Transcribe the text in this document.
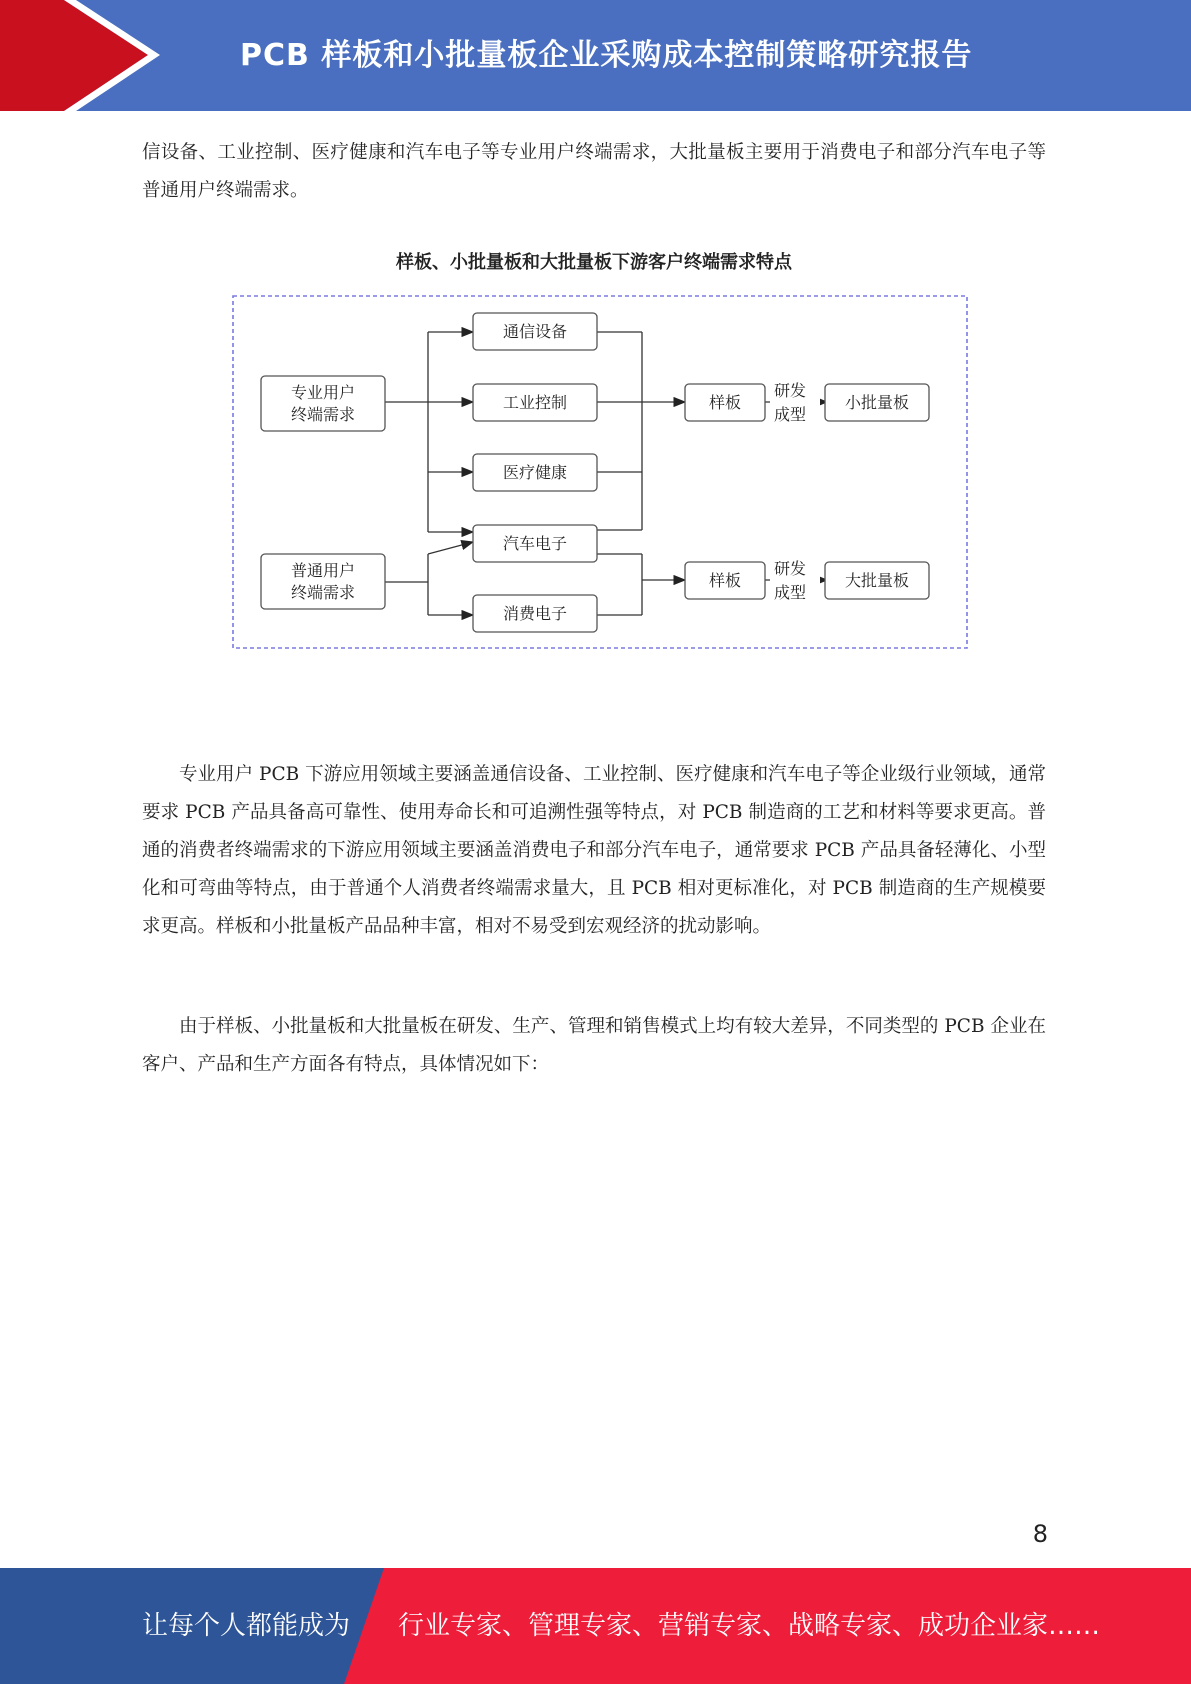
PCB 样板和小批量板企业采购成本控制策略研究报告
信设备、工业控制、医疗健康和汽车电子等专业用户终端需求，大批量板主要用于消费电子和部分汽车电子等普通用户终端需求。
样板、小批量板和大批量板下游客户终端需求特点
专业用户
终端需求
普通用户
终端需求
通信设备
工业控制
医疗健康
汽车电子
消费电子
样板
样板
研发
成型
研发
成型
小批量板
大批量板
专业用户 PCB 下游应用领域主要涵盖通信设备、工业控制、医疗健康和汽车电子等企业级行业领域，通常要求 PCB 产品具备高可靠性、使用寿命长和可追溯性强等特点，对 PCB 制造商的工艺和材料等要求更高。普通的消费者终端需求的下游应用领域主要涵盖消费电子和部分汽车电子，通常要求 PCB 产品具备轻薄化、小型化和可弯曲等特点，由于普通个人消费者终端需求量大，且 PCB 相对更标准化，对 PCB 制造商的生产规模要求更高。样板和小批量板产品品种丰富，相对不易受到宏观经济的扰动影响。
由于样板、小批量板和大批量板在研发、生产、管理和销售模式上均有较大差异，不同类型的 PCB 企业在客户、产品和生产方面各有特点，具体情况如下：
8
让每个人都能成为 行业专家、管理专家、营销专家、战略专家、成功企业家……
